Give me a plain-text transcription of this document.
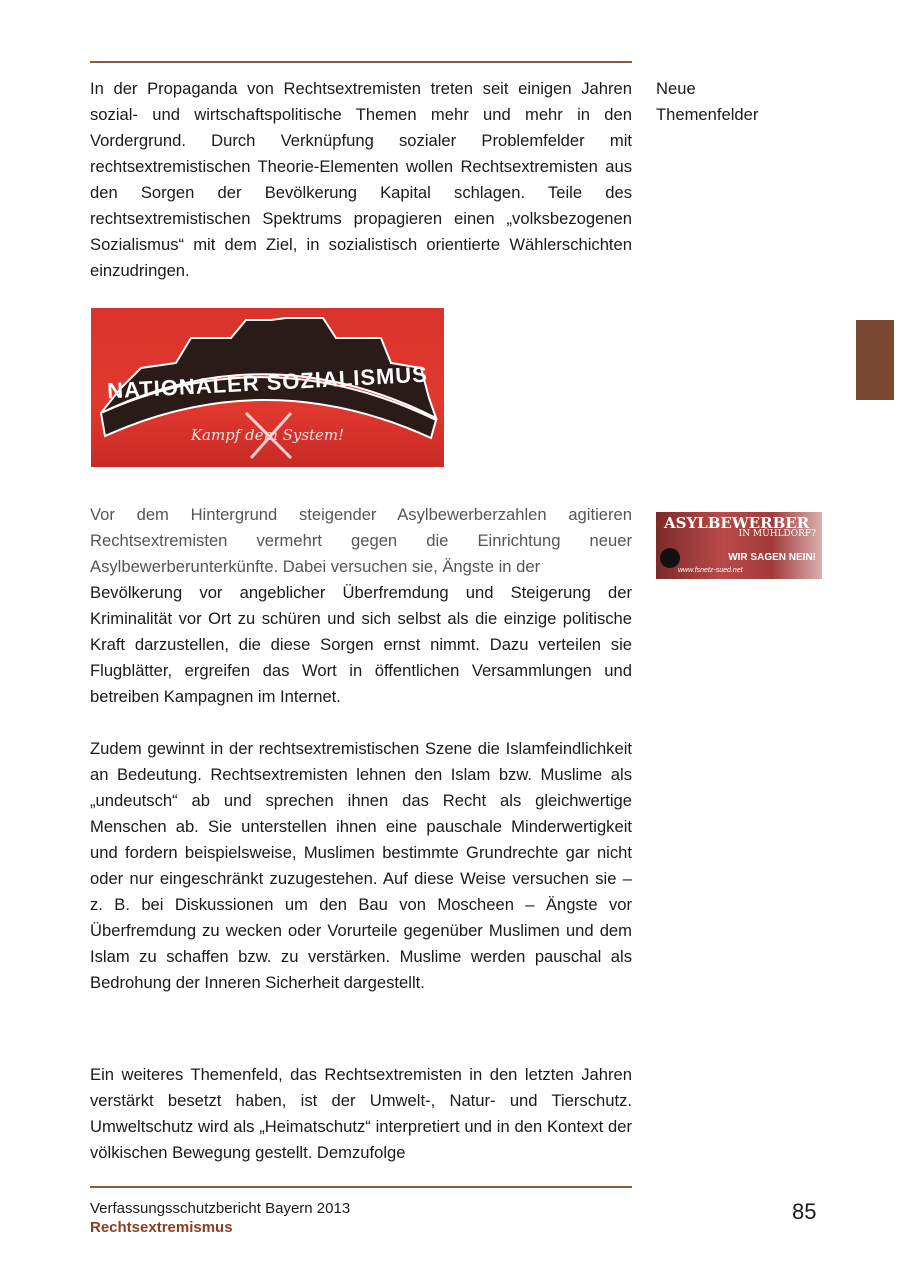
In der Propaganda von Rechtsextremisten treten seit einigen Jahren sozial- und wirtschaftspolitische Themen mehr und mehr in den Vordergrund. Durch Verknüpfung sozialer Problemfelder mit rechtsextremistischen Theorie-Elementen wollen Rechtsextremisten aus den Sorgen der Bevölkerung Kapital schlagen. Teile des rechtsextremistischen Spektrums propagieren einen „volksbezogenen Sozialismus“ mit dem Ziel, in sozialistisch orientierte Wählerschichten einzudringen.

Neue
Themenfelder
NATIONALER SOZIALISMUS
Kampf dem System!
ASYLBEWERBER
IN MÜHLDORF?
WIR SAGEN NEIN!
www.fsnetz-sued.net

Vor dem Hintergrund steigender Asylbewerberzahlen agitieren Rechtsextremisten vermehrt gegen die Einrichtung neuer Asylbewerberunterkünfte. Dabei versuchen sie, Ängste in der

Bevölkerung vor angeblicher Überfremdung und Steigerung der Kriminalität vor Ort zu schüren und sich selbst als die einzige politische Kraft darzustellen, die diese Sorgen ernst nimmt. Dazu verteilen sie Flugblätter, ergreifen das Wort in öffentlichen Versammlungen und betreiben Kampagnen im Internet.

Zudem gewinnt in der rechtsextremistischen Szene die Islamfeindlichkeit an Bedeutung. Rechtsextremisten lehnen den Islam bzw. Muslime als „undeutsch“ ab und sprechen ihnen das Recht als gleichwertige Menschen ab. Sie unterstellen ihnen eine pauschale Minderwertigkeit und fordern beispielsweise, Muslimen bestimmte Grundrechte gar nicht oder nur eingeschränkt zuzugestehen. Auf diese Weise versuchen sie – z. B. bei Diskussionen um den Bau von Moscheen – Ängste vor Überfremdung zu wecken oder Vorurteile gegenüber Muslimen und dem Islam zu schaffen bzw. zu verstärken. Muslime werden pauschal als Bedrohung der Inneren Sicherheit dargestellt.

Ein weiteres Themenfeld, das Rechtsextremisten in den letzten Jahren verstärkt besetzt haben, ist der Umwelt-, Natur- und Tierschutz. Umweltschutz wird als „Heimatschutz“ interpretiert und in den Kontext der völkischen Bewegung gestellt. Demzufolge

Verfassungsschutzbericht Bayern 2013
Rechtsextremismus
85
